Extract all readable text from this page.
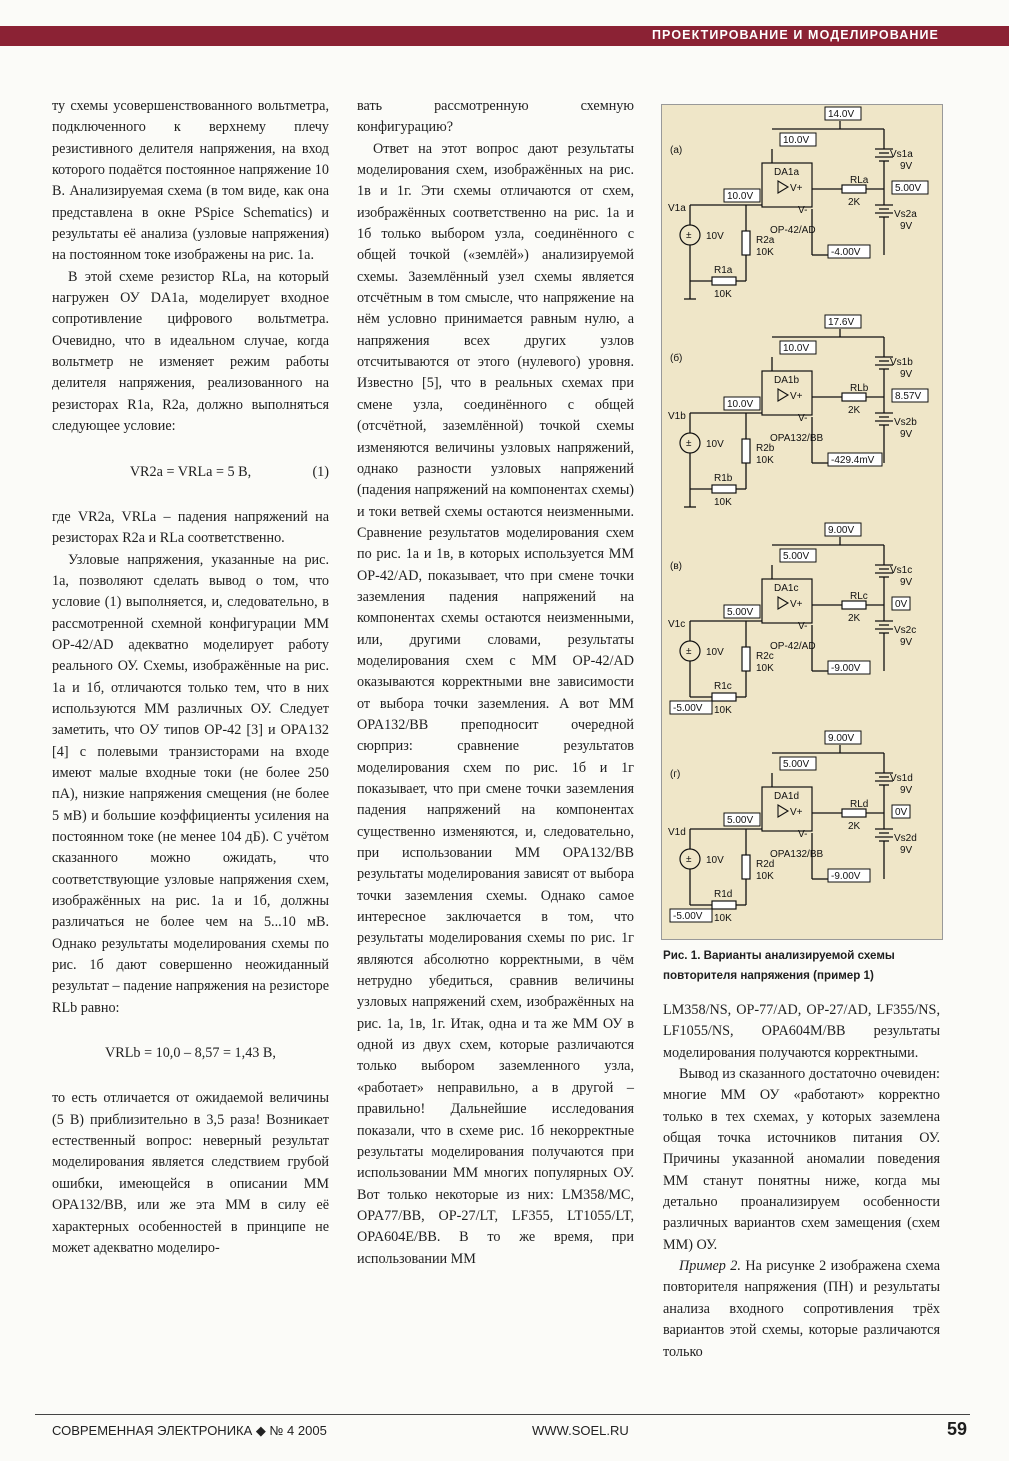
ПРОЕКТИРОВАНИЕ И МОДЕЛИРОВАНИЕ

ту схемы усовершенствованного вольтметра, подключенного к верхнему плечу резистивного делителя напряжения, на вход которого подаётся постоянное напряжение 10 В. Анализируемая схема (в том виде, как она представлена в окне PSpice Schematics) и результаты её анализа (узловые напряжения) на постоянном токе изображены на рис. 1а.

В этой схеме резистор RLa, на который нагружен ОУ DA1a, моделирует входное сопротивление цифрового вольтметра. Очевидно, что в идеальном случае, когда вольтметр не изменяет режим работы делителя напряжения, реализованного на резисторах R1a, R2a, должно выполняться следующее условие:

VR2a = VRLa = 5 В,	(1)

где VR2a, VRLa – падения напряжений на резисторах R2a и RLa соответственно.

Узловые напряжения, указанные на рис. 1а, позволяют сделать вывод о том, что условие (1) выполняется, и, следовательно, в рассмотренной схемной конфигурации ММ OP-42/AD адекватно моделирует работу реального ОУ. Схемы, изображённые на рис. 1а и 1б, отличаются только тем, что в них используются ММ различных ОУ. Следует заметить, что ОУ типов OP-42 [3] и OPA132 [4] с полевыми транзисторами на входе имеют малые входные токи (не более 250 пА), низкие напряжения смещения (не более 5 мВ) и большие коэффициенты усиления на постоянном токе (не менее 104 дБ). С учётом сказанного можно ожидать, что соответствующие узловые напряжения схем, изображённых на рис. 1а и 1б, должны различаться не более чем на 5...10 мВ. Однако результаты моделирования схемы по рис. 1б дают совершенно неожиданный результат – падение напряжения на резисторе RLb равно:

VRLb = 10,0 – 8,57 = 1,43 В,

то есть отличается от ожидаемой величины (5 В) приблизительно в 3,5 раза! Возникает естественный вопрос: неверный результат моделирования является следствием грубой ошибки, имеющейся в описании ММ OPA132/BB, или же эта ММ в силу её характерных особенностей в принципе не может адекватно моделиро-

вать рассмотренную схемную конфигурацию?

Ответ на этот вопрос дают результаты моделирования схем, изображённых на рис. 1в и 1г. Эти схемы отличаются от схем, изображённых соответственно на рис. 1а и 1б только выбором узла, соединённого с общей точкой («землёй») анализируемой схемы. Заземлённый узел схемы является отсчётным в том смысле, что напряжение на нём условно принимается равным нулю, а напряжения всех других узлов отсчитываются от этого (нулевого) уровня. Известно [5], что в реальных схемах при смене узла, соединённого с общей (отсчётной, заземлённой) точкой схемы изменяются величины узловых напряжений, однако разности узловых напряжений (падения напряжений на компонентах схемы) и токи ветвей схемы остаются неизменными. Сравнение результатов моделирования схем по рис. 1а и 1в, в которых используется ММ OP-42/AD, показывает, что при смене точки заземления падения напряжений на компонентах схемы остаются неизменными, или, другими словами, результаты моделирования схем с ММ OP-42/AD оказываются корректными вне зависимости от выбора точки заземления. А вот ММ OPA132/BB преподносит очередной сюрприз: сравнение результатов моделирования схем по рис. 1б и 1г показывает, что при смене точки заземления падения напряжений на компонентах существенно изменяются, и, следовательно, при использовании ММ OPA132/BB результаты моделирования зависят от выбора точки заземления схемы. Однако самое интересное заключается в том, что результаты моделирования схемы по рис. 1г являются абсолютно корректными, в чём нетрудно убедиться, сравнив величины узловых напряжений схем, изображённых на рис. 1а, 1в, 1г. Итак, одна и та же ММ ОУ в одной из двух схем, которые различаются только выбором заземленного узла, «работает» неправильно, а в другой – правильно! Дальнейшие исследования показали, что в схеме рис. 1б некорректные результаты моделирования получаются при использовании ММ многих популярных ОУ. Вот только некоторые из них: LM358/MC, OPA77/BB, OP-27/LT, LF355, LT1055/LT, OPA604E/BB. В то же время, при использовании ММ

(а)
14.0V
Vs1a
9V
10.0V
DA1a
V+
V-
OP-42/AD
RLa
2K
5.00V
Vs2a
9V
-4.00V
10.0V
R2a
10K
V1a
± 10V
R1a
10K
(б)
17.6V
Vs1b
9V
10.0V
DA1b
V+
V-
OPA132/BB
RLb
2K
8.57V
Vs2b
9V
-429.4mV
10.0V
R2b
10K
V1b
± 10V
R1b
10K
(в)
9.00V
Vs1c
9V
5.00V
DA1c
V+
V-
OP-42/AD
RLc
2K
0V
Vs2c
9V
-9.00V
5.00V
R2c
10K
V1c
± 10V
R1c
10K
-5.00V
(г)
9.00V
Vs1d
9V
5.00V
DA1d
V+
V-
OPA132/BB
RLd
2K
0V
Vs2d
9V
-9.00V
5.00V
R2d
10K
V1d
± 10V
R1d
10K
-5.00V
Рис. 1. Варианты анализируемой схемы повторителя напряжения (пример 1)

LM358/NS, OP-77/AD, OP-27/AD, LF355/NS, LF1055/NS, OPA604M/BB результаты моделирования получаются корректными.

Вывод из сказанного достаточно очевиден: многие ММ ОУ «работают» корректно только в тех схемах, у которых заземлена общая точка источников питания ОУ. Причины указанной аномалии поведения ММ станут понятны ниже, когда мы детально проанализируем особенности различных вариантов схем замещения (схем ММ) ОУ.

Пример 2. На рисунке 2 изображена схема повторителя напряжения (ПН) и результаты анализа входного сопротивления трёх вариантов этой схемы, которые различаются только

СОВРЕМЕННАЯ ЭЛЕКТРОНИКА ◆ № 4 2005	WWW.SOEL.RU	59
